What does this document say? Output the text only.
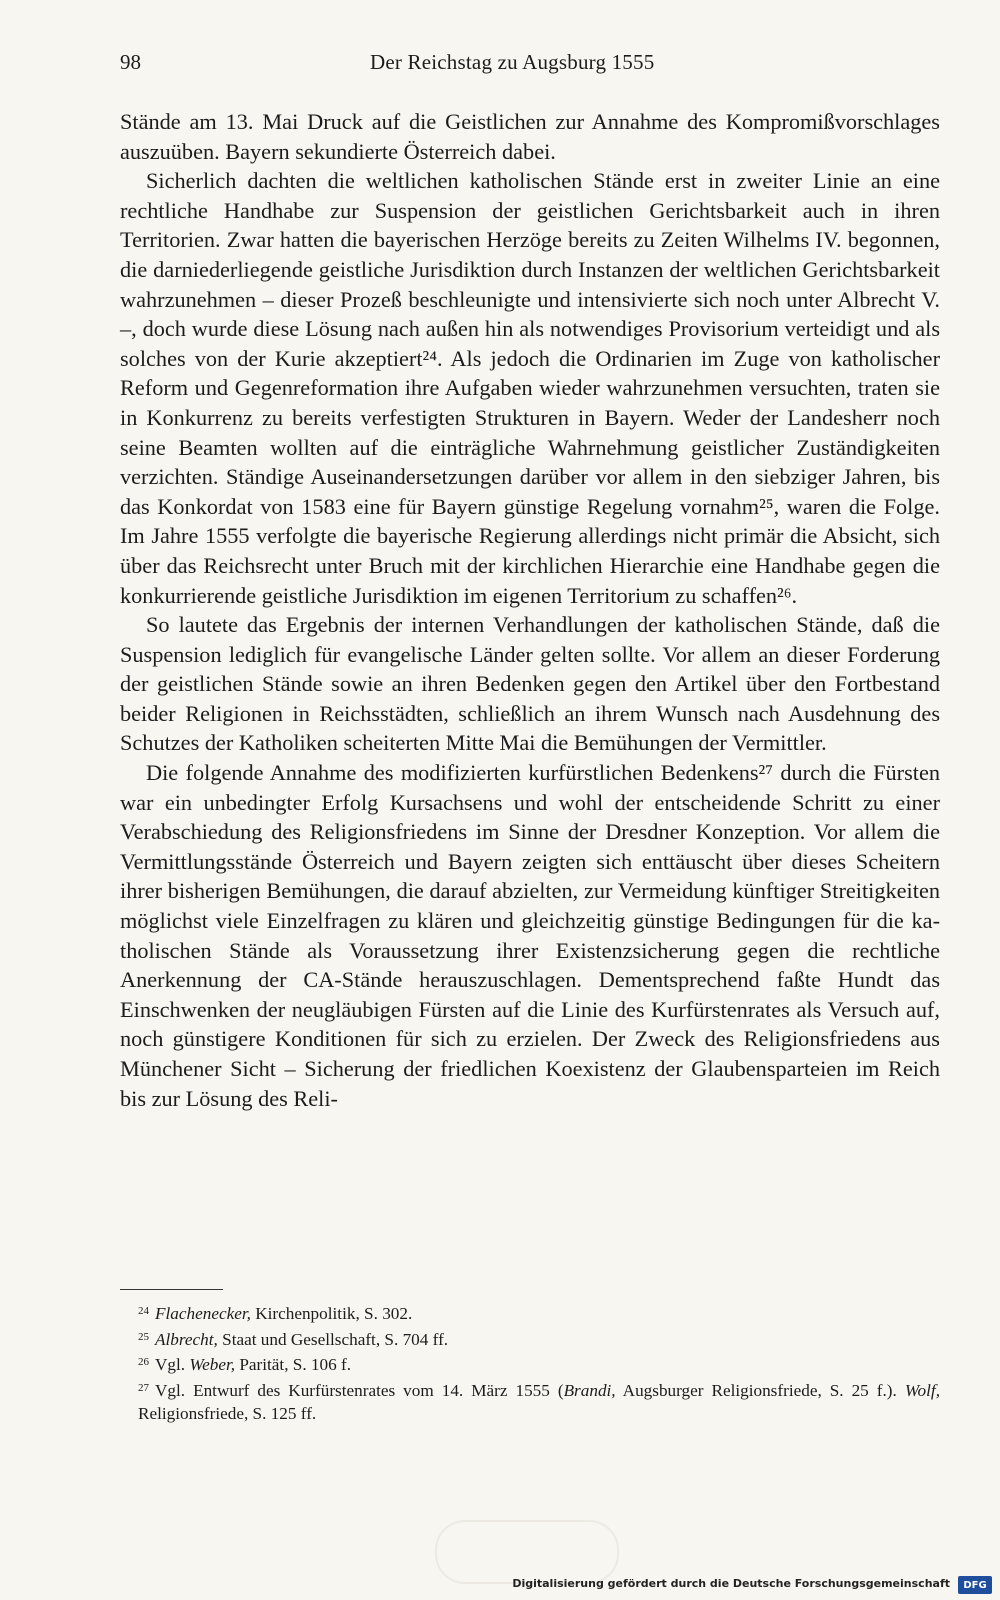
98	Der Reichstag zu Augsburg 1555

Stände am 13. Mai Druck auf die Geistlichen zur Annahme des Kompromißvorschlages auszuüben. Bayern sekundierte Österreich dabei.

Sicherlich dachten die weltlichen katholischen Stände erst in zweiter Linie an eine rechtliche Handhabe zur Suspension der geistlichen Gerichtsbarkeit auch in ihren Territorien. Zwar hatten die bayerischen Herzöge bereits zu Zeiten Wilhelms IV. begonnen, die darniederliegende geistliche Jurisdiktion durch Instanzen der weltlichen Gerichtsbarkeit wahrzunehmen – dieser Prozeß beschleunigte und intensivierte sich noch unter Albrecht V. –, doch wurde diese Lösung nach außen hin als notwendiges Provisorium verteidigt und als solches von der Kurie akzeptiert²⁴. Als jedoch die Ordinarien im Zuge von katholischer Reform und Gegenreformation ihre Aufgaben wieder wahrzunehmen versuchten, traten sie in Konkurrenz zu bereits verfestigten Strukturen in Bayern. Weder der Landesherr noch seine Beamten wollten auf die einträgliche Wahrnehmung geistlicher Zuständigkeiten verzichten. Ständige Auseinandersetzungen darüber vor allem in den siebziger Jahren, bis das Konkordat von 1583 eine für Bayern günstige Regelung vornahm²⁵, waren die Folge. Im Jahre 1555 verfolgte die bayerische Regierung allerdings nicht primär die Absicht, sich über das Reichsrecht unter Bruch mit der kirchlichen Hierarchie eine Handhabe gegen die konkurrierende geistliche Jurisdiktion im eigenen Territorium zu schaffen²⁶.

So lautete das Ergebnis der internen Verhandlungen der katholischen Stände, daß die Suspension lediglich für evangelische Länder gelten sollte. Vor allem an dieser Forderung der geistlichen Stände sowie an ihren Bedenken gegen den Artikel über den Fortbestand beider Religionen in Reichsstädten, schließlich an ihrem Wunsch nach Ausdehnung des Schutzes der Katholiken scheiterten Mitte Mai die Bemühungen der Vermittler.

Die folgende Annahme des modifizierten kurfürstlichen Bedenkens²⁷ durch die Fürsten war ein unbedingter Erfolg Kursachsens und wohl der entscheidende Schritt zu einer Verabschiedung des Religionsfriedens im Sinne der Dresdner Konzeption. Vor allem die Vermittlungsstände Österreich und Bayern zeigten sich enttäuscht über dieses Scheitern ihrer bisherigen Bemühungen, die darauf abzielten, zur Vermeidung künftiger Streitigkeiten möglichst viele Einzelfragen zu klären und gleichzeitig günstige Bedingungen für die katholischen Stände als Voraussetzung ihrer Existenzsicherung gegen die rechtliche Anerkennung der CA-Stände herauszuschlagen. Dementsprechend faßte Hundt das Einschwenken der neugläubigen Fürsten auf die Linie des Kurfürstenrates als Versuch auf, noch günstigere Konditionen für sich zu erzielen. Der Zweck des Religionsfriedens aus Münchener Sicht – Sicherung der friedlichen Koexistenz der Glaubensparteien im Reich bis zur Lösung des Reli-

$^{24}$ Flachenecker, Kirchenpolitik, S. 302.

$^{25}$ Albrecht, Staat und Gesellschaft, S. 704 ff.

$^{26}$ Vgl. Weber, Parität, S. 106 f.

$^{27}$ Vgl. Entwurf des Kurfürstenrates vom 14. März 1555 (Brandi, Augsburger Religionsfriede, S. 25 f.). Wolf, Religionsfriede, S. 125 ff.

Digitalisierung gefördert durch die Deutsche Forschungsgemeinschaft	DFG
